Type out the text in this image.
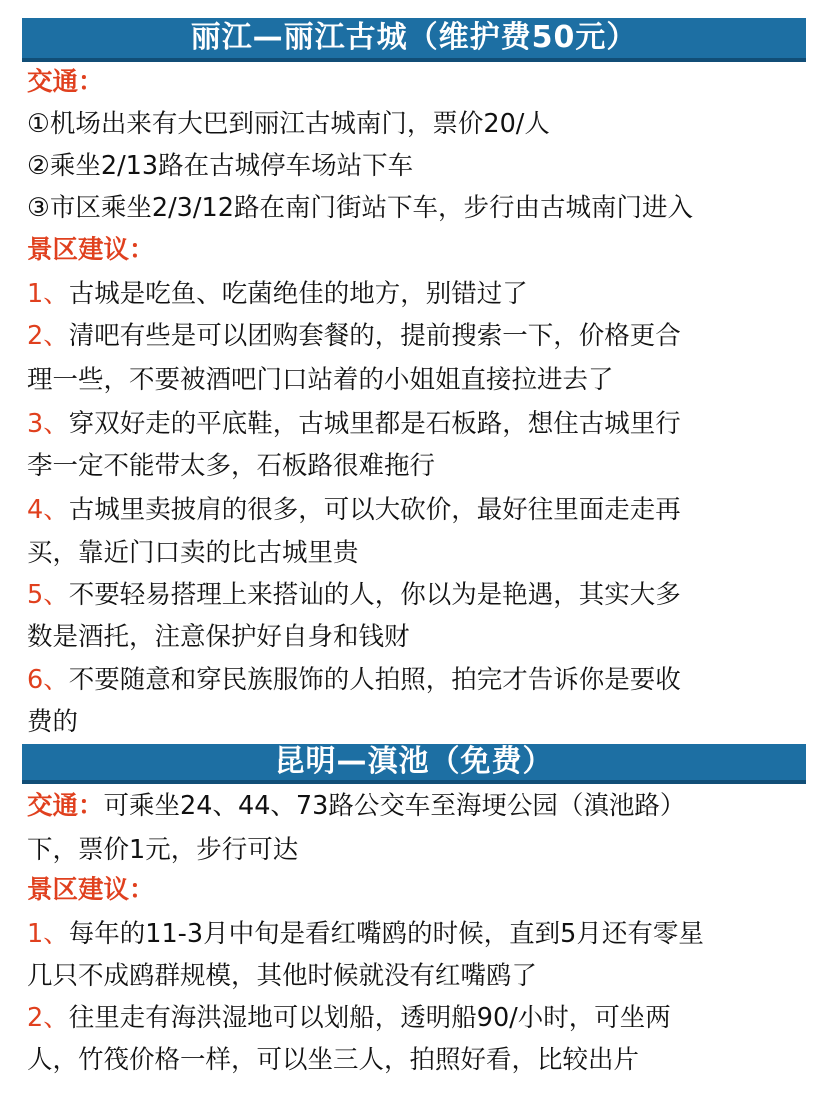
丽江—丽江古城（维护费50元）
交通：
①机场出来有大巴到丽江古城南门，票价20/人
②乘坐2/13路在古城停车场站下车
③市区乘坐2/3/12路在南门街站下车，步行由古城南门进入
景区建议：
1、古城是吃鱼、吃菌绝佳的地方，别错过了
2、清吧有些是可以团购套餐的，提前搜索一下，价格更合
理一些，不要被酒吧门口站着的小姐姐直接拉进去了
3、穿双好走的平底鞋，古城里都是石板路，想住古城里行
李一定不能带太多，石板路很难拖行
4、古城里卖披肩的很多，可以大砍价，最好往里面走走再
买，靠近门口卖的比古城里贵
5、不要轻易搭理上来搭讪的人，你以为是艳遇，其实大多
数是酒托，注意保护好自身和钱财
6、不要随意和穿民族服饰的人拍照，拍完才告诉你是要收
费的
昆明—滇池（免费）
交通：可乘坐24、44、73路公交车至海埂公园（滇池路）
下，票价1元，步行可达
景区建议：
1、每年的11-3月中旬是看红嘴鸥的时候，直到5月还有零星
几只不成鸥群规模，其他时候就没有红嘴鸥了
2、往里走有海洪湿地可以划船，透明船90/小时，可坐两
人，竹筏价格一样，可以坐三人，拍照好看，比较出片
